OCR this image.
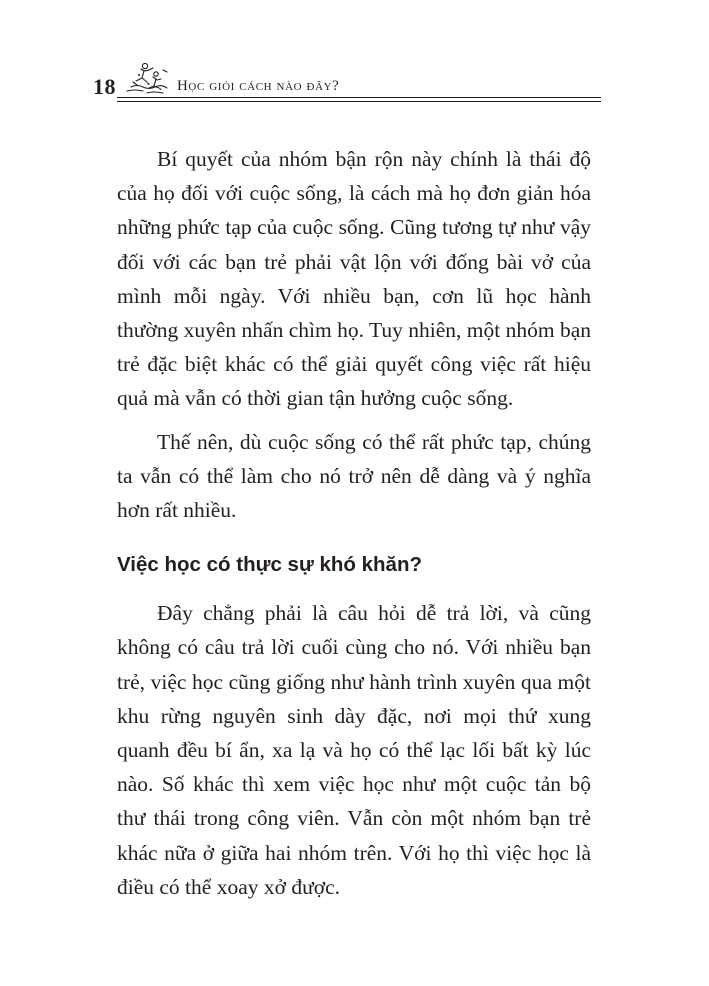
18	Học giỏi cách nào đây?

Bí quyết của nhóm bận rộn này chính là thái độ của họ đối với cuộc sống, là cách mà họ đơn giản hóa những phức tạp của cuộc sống. Cũng tương tự như vậy đối với các bạn trẻ phải vật lộn với đống bài vở của mình mỗi ngày. Với nhiều bạn, cơn lũ học hành thường xuyên nhấn chìm họ. Tuy nhiên, một nhóm bạn trẻ đặc biệt khác có thể giải quyết công việc rất hiệu quả mà vẫn có thời gian tận hưởng cuộc sống.

Thế nên, dù cuộc sống có thể rất phức tạp, chúng ta vẫn có thể làm cho nó trở nên dễ dàng và ý nghĩa hơn rất nhiều.

Việc học có thực sự khó khăn?

Đây chẳng phải là câu hỏi dễ trả lời, và cũng không có câu trả lời cuối cùng cho nó. Với nhiều bạn trẻ, việc học cũng giống như hành trình xuyên qua một khu rừng nguyên sinh dày đặc, nơi mọi thứ xung quanh đều bí ẩn, xa lạ và họ có thể lạc lối bất kỳ lúc nào. Số khác thì xem việc học như một cuộc tản bộ thư thái trong công viên. Vẫn còn một nhóm bạn trẻ khác nữa ở giữa hai nhóm trên. Với họ thì việc học là điều có thể xoay xở được.
